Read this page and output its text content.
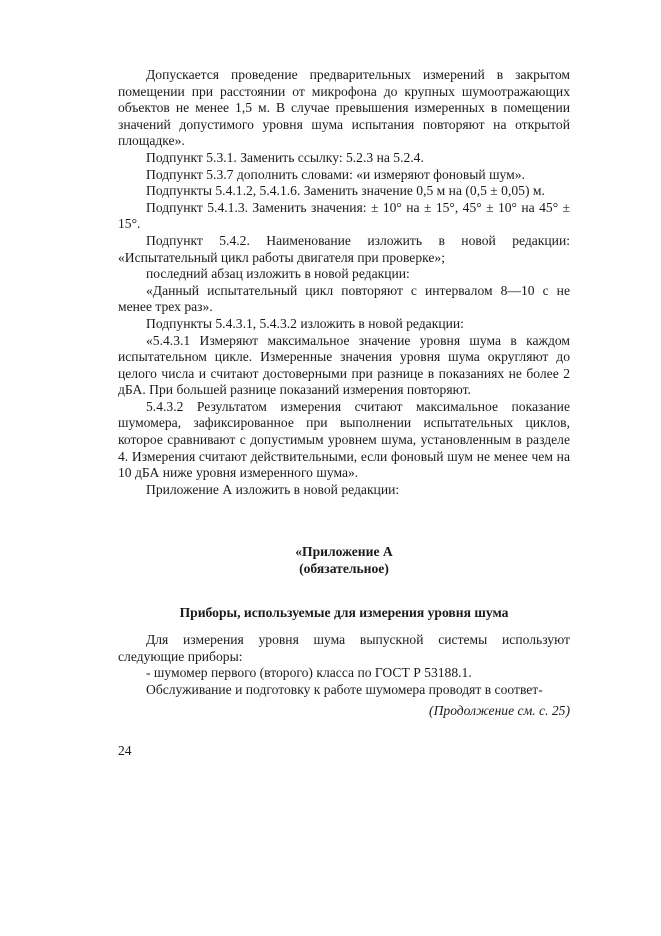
Допускается проведение предварительных измерений в закрытом помещении при расстоянии от микрофона до крупных шумоотражающих объектов не менее 1,5 м. В случае превышения измеренных в помещении значений допустимого уровня шума испытания повторяют на открытой площадке».

Подпункт 5.3.1. Заменить ссылку: 5.2.3 на 5.2.4.

Подпункт 5.3.7 дополнить словами: «и измеряют фоновый шум».

Подпункты 5.4.1.2, 5.4.1.6. Заменить значение 0,5 м на (0,5 ± 0,05) м.

Подпункт 5.4.1.3. Заменить значения: ± 10° на ± 15°, 45° ± 10° на 45° ± 15°.

Подпункт 5.4.2. Наименование изложить в новой редакции: «Испытательный цикл работы двигателя при проверке»;

последний абзац изложить в новой редакции:

«Данный испытательный цикл повторяют с интервалом 8—10 с не менее трех раз».

Подпункты 5.4.3.1, 5.4.3.2 изложить в новой редакции:

«5.4.3.1 Измеряют максимальное значение уровня шума в каждом испытательном цикле. Измеренные значения уровня шума округляют до целого числа и считают достоверными при разнице в показаниях не более 2 дБА. При большей разнице показаний измерения повторяют.

5.4.3.2 Результатом измерения считают максимальное показание шумомера, зафиксированное при выполнении испытательных циклов, которое сравнивают с допустимым уровнем шума, установленным в разделе 4. Измерения считают действительными, если фоновый шум не менее чем на 10 дБА ниже уровня измеренного шума».

Приложение А изложить в новой редакции:

«Приложение А
(обязательное)
Приборы, используемые для измерения уровня шума

Для измерения уровня шума выпускной системы используют следующие приборы:

- шумомер первого (второго) класса по ГОСТ Р 53188.1.

Обслуживание и подготовку к работе шумомера проводят в соответ-

(Продолжение см. с. 25)
24
